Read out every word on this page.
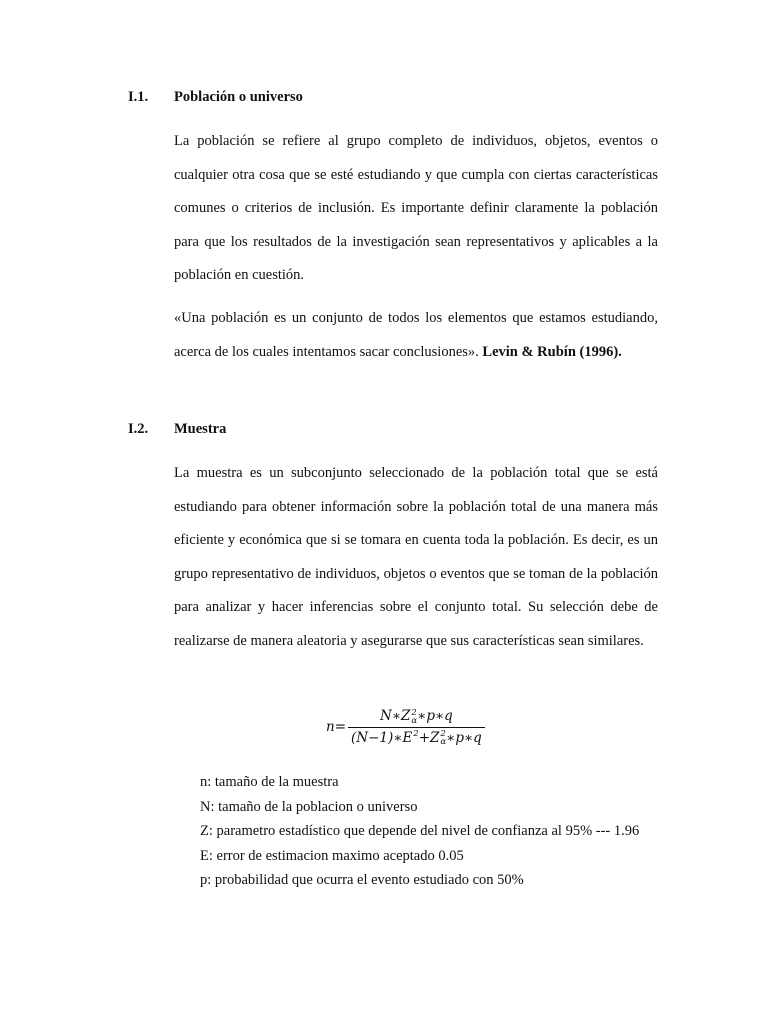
I.1. Población o universo

La población se refiere al grupo completo de individuos, objetos, eventos o cualquier otra cosa que se esté estudiando y que cumpla con ciertas características comunes o criterios de inclusión. Es importante definir claramente la población para que los resultados de la investigación sean representativos y aplicables a la población en cuestión.

«Una población es un conjunto de todos los elementos que estamos estudiando, acerca de los cuales intentamos sacar conclusiones». Levin & Rubín (1996).

I.2. Muestra

La muestra es un subconjunto seleccionado de la población total que se está estudiando para obtener información sobre la población total de una manera más eficiente y económica que si se tomara en cuenta toda la población. Es decir, es un grupo representativo de individuos, objetos o eventos que se toman de la población para analizar y hacer inferencias sobre el conjunto total. Su selección debe de realizarse de manera aleatoria y asegurarse que sus características sean similares.

n= N∗Z 2
α ∗p∗q
(N−1)∗E 2
+Z 2
α ∗p∗q
n: tamaño de la muestra
N: tamaño de la poblacion o universo
Z: parametro estadístico que depende del nivel de confianza al 95% --- 1.96
E: error de estimacion maximo aceptado 0.05
p: probabilidad que ocurra el evento estudiado con 50%
